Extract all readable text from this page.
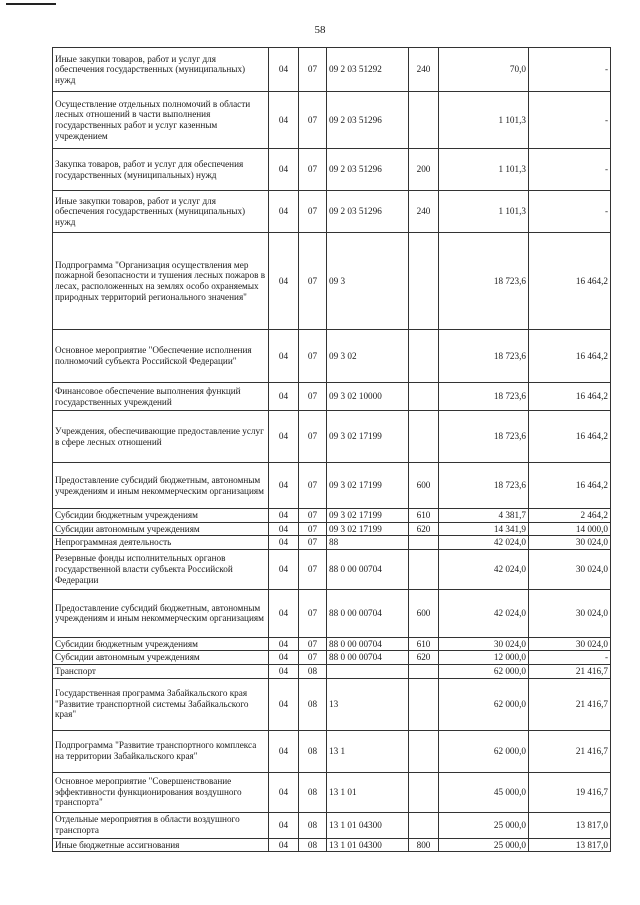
58
Иные закупки товаров, работ и услуг для обеспечения государственных (муниципальных) нужд	04	07	09 2 03 51292	240	70,0	-
Осуществление отдельных полномочий в области лесных отношений в части выполнения государственных работ и услуг казенным учреждением	04	07	09 2 03 51296		1 101,3	-
Закупка товаров, работ и услуг для обеспечения государственных (муниципальных) нужд	04	07	09 2 03 51296	200	1 101,3	-
Иные закупки товаров, работ и услуг для обеспечения государственных (муниципальных) нужд	04	07	09 2 03 51296	240	1 101,3	-
Подпрограмма "Организация осуществления мер пожарной безопасности и тушения лесных пожаров в лесах, расположенных на землях особо охраняемых природных территорий регионального значения"	04	07	09 3		18 723,6	16 464,2
Основное мероприятие "Обеспечение исполнения полномочий субъекта Российской Федерации"	04	07	09 3 02		18 723,6	16 464,2
Финансовое обеспечение выполнения функций государственных учреждений	04	07	09 3 02 10000		18 723,6	16 464,2
Учреждения, обеспечивающие предоставление услуг в сфере лесных отношений	04	07	09 3 02 17199		18 723,6	16 464,2
Предоставление субсидий бюджетным, автономным учреждениям и иным некоммерческим организациям	04	07	09 3 02 17199	600	18 723,6	16 464,2
Субсидии бюджетным учреждениям	04	07	09 3 02 17199	610	4 381,7	2 464,2
Субсидии автономным учреждениям	04	07	09 3 02 17199	620	14 341,9	14 000,0
Непрограммная деятельность	04	07	88		42 024,0	30 024,0
Резервные фонды исполнительных органов государственной власти субъекта Российской Федерации	04	07	88 0 00 00704		42 024,0	30 024,0
Предоставление субсидий бюджетным, автономным учреждениям и иным некоммерческим организациям	04	07	88 0 00 00704	600	42 024,0	30 024,0
Субсидии бюджетным учреждениям	04	07	88 0 00 00704	610	30 024,0	30 024,0
Субсидии автономным учреждениям	04	07	88 0 00 00704	620	12 000,0	-
Транспорт	04	08			62 000,0	21 416,7
Государственная программа Забайкальского края "Развитие транспортной системы Забайкальского края"	04	08	13		62 000,0	21 416,7
Подпрограмма "Развитие транспортного комплекса на территории Забайкальского края"	04	08	13 1		62 000,0	21 416,7
Основное мероприятие "Совершенствование эффективности функционирования воздушного транспорта"	04	08	13 1 01		45 000,0	19 416,7
Отдельные мероприятия в области воздушного транспорта	04	08	13 1 01 04300		25 000,0	13 817,0
Иные бюджетные ассигнования	04	08	13 1 01 04300	800	25 000,0	13 817,0
